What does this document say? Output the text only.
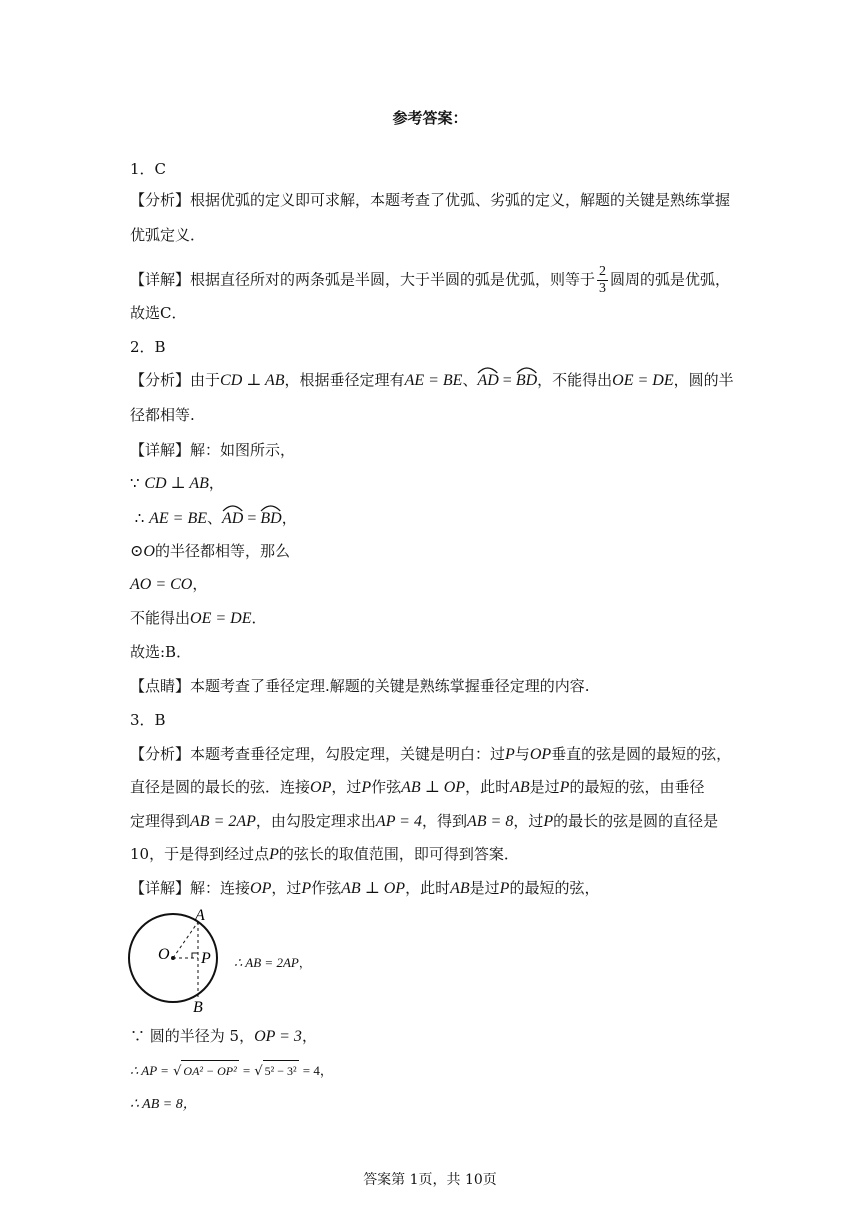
参考答案：
1．C
【分析】根据优弧的定义即可求解，本题考查了优弧、劣弧的定义，解题的关键是熟练掌握
优弧定义．
【详解】根据直径所对的两条弧是半圆，大于半圆的弧是优弧，则等于 $\frac{2}{3}$ 圆周的弧是优弧，
故选C．
2．B
【分析】由于CD ⊥ AB，根据垂径定理有AE = BE、
AD =
BD，不能得出OE = DE，圆的半
径都相等.
【详解】解：如图所示，
∵ CD ⊥ AB，
∴ AE = BE、
AD =
BD，
⊙O的半径都相等，那么
AO = CO，
不能得出OE = DE．
故选:B．
【点睛】本题考查了垂径定理.解题的关键是熟练掌握垂径定理的内容.
3．B
【分析】本题考查垂径定理，勾股定理，关键是明白：过P与OP垂直的弦是圆的最短的弦，
直径是圆的最长的弦．连接OP，过P作弦AB ⊥ OP，此时AB是过P的最短的弦，由垂径
定理得到AB = 2AP，由勾股定理求出AP = 4，得到AB = 8，过P的最长的弦是圆的直径是
10，于是得到经过点P的弦长的取值范围，即可得到答案．
【详解】解：连接OP，过P作弦AB ⊥ OP，此时AB是过P的最短的弦，
A
O P
B
∴ AB = 2AP，
∵ 圆的半径为 5，OP = 3，
∴ AP = √ OA² − OP² = √ 5² − 3² = 4，
∴ AB = 8，
答案第 1页，共 10页
